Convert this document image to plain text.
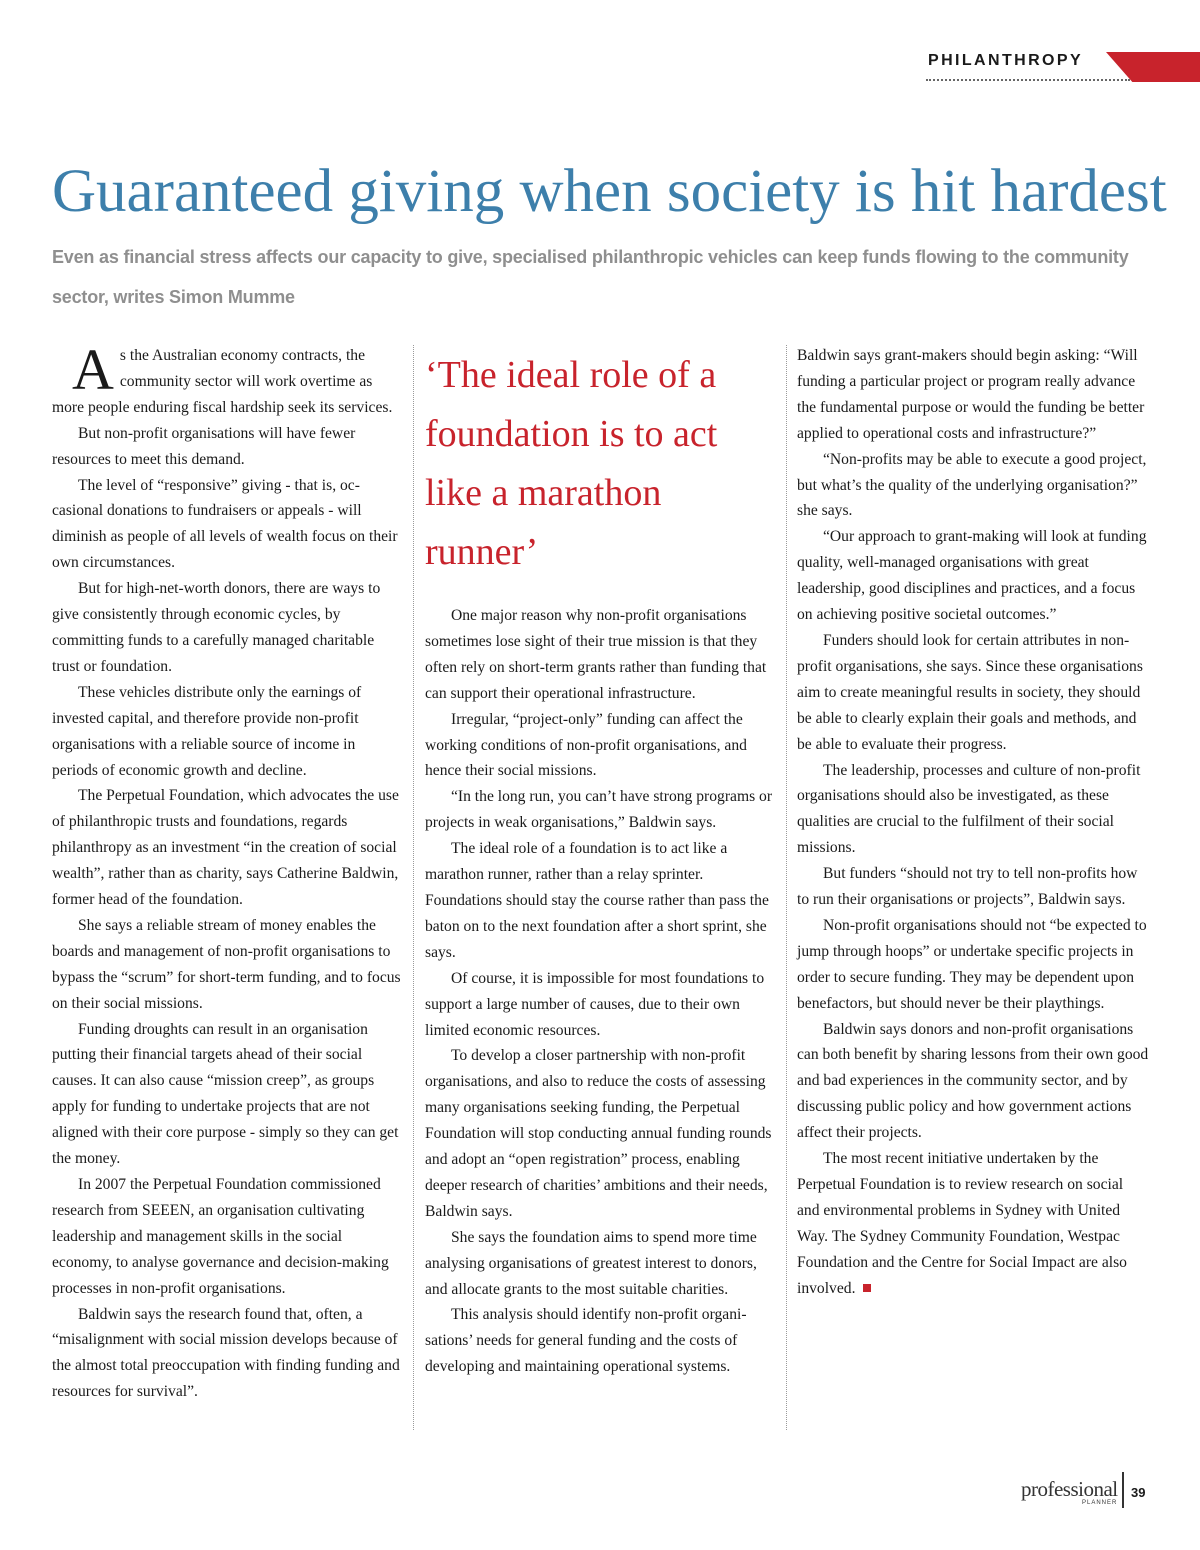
PHILANTHROPY
Guaranteed giving when society is hit hardest

Even as financial stress affects our capacity to give, specialised philanthropic vehicles can keep funds flowing to the community sector, writes Simon Mumme

As the Australian economy contracts, the community sector will work overtime as more people enduring fiscal hardship seek its services.

But non-profit organisations will have fewer resources to meet this demand.

The level of “responsive” giving - that is, occasional donations to fundraisers or appeals - will diminish as people of all levels of wealth focus on their own circumstances.

But for high-net-worth donors, there are ways to give consistently through economic cycles, by committing funds to a carefully managed charitable trust or foundation.

These vehicles distribute only the earnings of invested capital, and therefore provide non-profit organisations with a reliable source of income in periods of economic growth and decline.

The Perpetual Foundation, which advocates the use of philanthropic trusts and foundations, regards philanthropy as an investment “in the creation of social wealth”, rather than as charity, says Catherine Baldwin, former head of the foundation.

She says a reliable stream of money enables the boards and management of non-profit organisations to bypass the “scrum” for short-term funding, and to focus on their social missions.

Funding droughts can result in an organisation putting their financial targets ahead of their social causes. It can also cause “mission creep”, as groups apply for funding to undertake projects that are not aligned with their core purpose - simply so they can get the money.

In 2007 the Perpetual Foundation commissioned research from SEEEN, an organisation cultivating leadership and management skills in the social economy, to analyse governance and decision-making processes in non-profit organisations.

Baldwin says the research found that, often, a “misalignment with social mission develops because of the almost total preoccupation with finding funding and resources for survival”.

‘The ideal role of a foundation is to act like a marathon runner’

One major reason why non-profit organisations sometimes lose sight of their true mission is that they often rely on short-term grants rather than funding that can support their operational infrastructure.

Irregular, “project-only” funding can affect the working conditions of non-profit organisations, and hence their social missions.

“In the long run, you can’t have strong programs or projects in weak organisations,” Baldwin says.

The ideal role of a foundation is to act like a marathon runner, rather than a relay sprinter. Foundations should stay the course rather than pass the baton on to the next foundation after a short sprint, she says.

Of course, it is impossible for most foundations to support a large number of causes, due to their own limited economic resources.

To develop a closer partnership with non-profit organisations, and also to reduce the costs of assessing many organisations seeking funding, the Perpetual Foundation will stop conducting annual funding rounds and adopt an “open registration” process, enabling deeper research of charities’ ambitions and their needs, Baldwin says.

She says the foundation aims to spend more time analysing organisations of greatest interest to donors, and allocate grants to the most suitable charities.

This analysis should identify non-profit organisations’ needs for general funding and the costs of developing and maintaining operational systems.

Baldwin says grant-makers should begin asking: “Will funding a particular project or program really advance the fundamental purpose or would the funding be better applied to operational costs and infrastructure?”

“Non-profits may be able to execute a good project, but what’s the quality of the underlying organisation?” she says.

“Our approach to grant-making will look at funding quality, well-managed organisations with great leadership, good disciplines and practices, and a focus on achieving positive societal outcomes.”

Funders should look for certain attributes in non-profit organisations, she says. Since these organisations aim to create meaningful results in society, they should be able to clearly explain their goals and methods, and be able to evaluate their progress.

The leadership, processes and culture of non-profit organisations should also be investigated, as these qualities are crucial to the fulfilment of their social missions.

But funders “should not try to tell non-profits how to run their organisations or projects”, Baldwin says.

Non-profit organisations should not “be expected to jump through hoops” or undertake specific projects in order to secure funding. They may be dependent upon benefactors, but should never be their playthings.

Baldwin says donors and non-profit organisations can both benefit by sharing lessons from their own good and bad experiences in the community sector, and by discussing public policy and how government actions affect their projects.

The most recent initiative undertaken by the Perpetual Foundation is to review research on social and environmental problems in Sydney with United Way. The Sydney Community Foundation, Westpac Foundation and the Centre for Social Impact are also involved.

professional
PLANNER
39
